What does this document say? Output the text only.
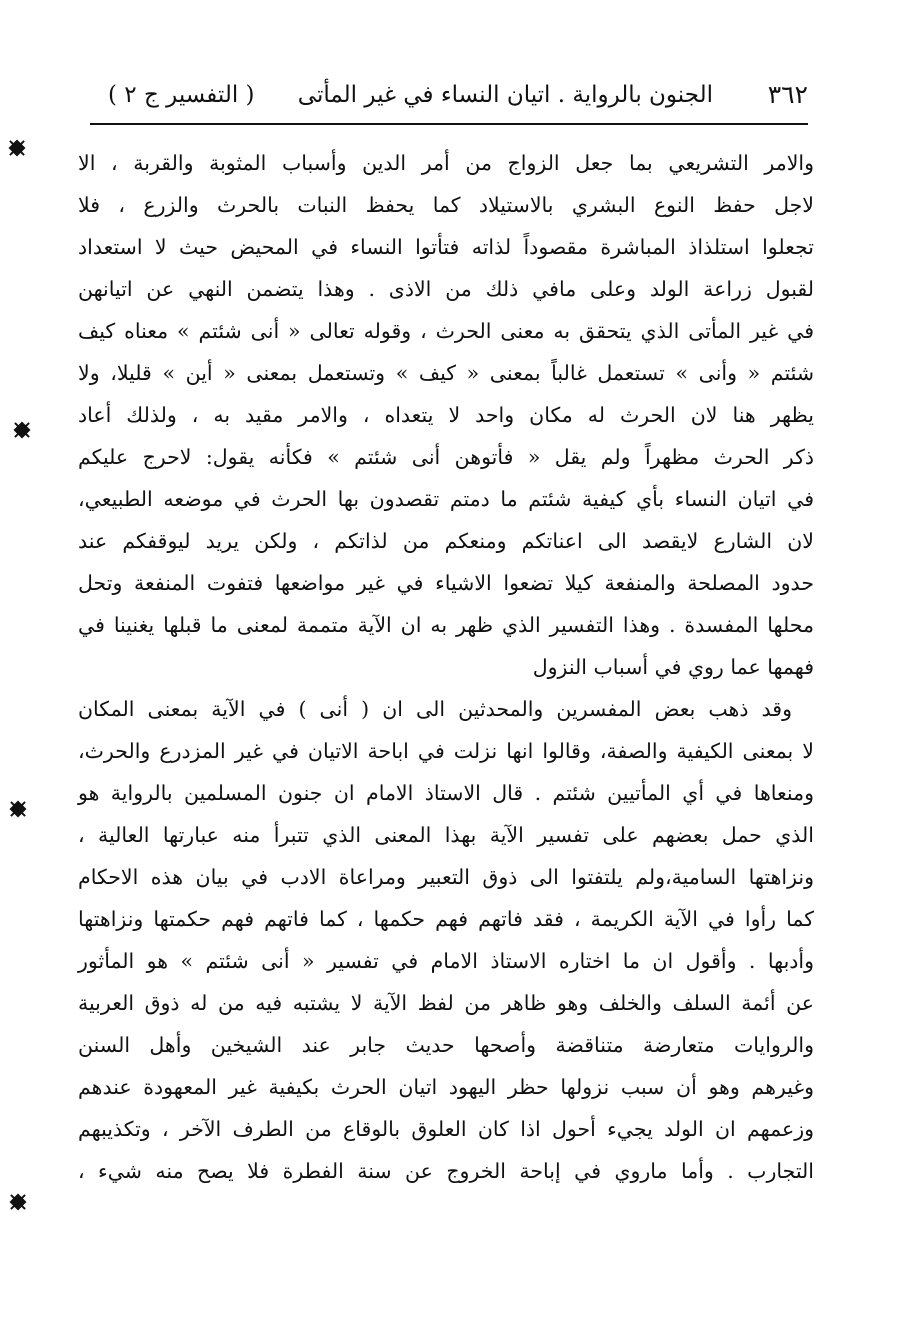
٣٦٢
الجنون بالرواية . اتيان النساء في غير المأتى
( التفسير ج ٢ )
والامر التشريعي بما جعل الزواج من أمر الدين وأسباب المثوبة والقربة ، الا
لاجل حفظ النوع البشري بالاستيلاد كما يحفظ النبات بالحرث والزرع ، فلا
تجعلوا استلذاذ المباشرة مقصوداً لذاته فتأتوا النساء في المحيض حيث لا استعداد
لقبول زراعة الولد وعلى مافي ذلك من الاذى . وهذا يتضمن النهي عن اتيانهن
في غير المأتى الذي يتحقق به معنى الحرث ، وقوله تعالى « أنى شئتم » معناه كيف
شئتم « وأنى » تستعمل غالباً بمعنى « كيف » وتستعمل بمعنى « أين » قليلا، ولا
يظهر هنا لان الحرث له مكان واحد لا يتعداه ، والامر مقيد به ، ولذلك أعاد
ذكر الحرث مظهراً ولم يقل « فأتوهن أنى شئتم » فكأنه يقول: لاحرج عليكم
في اتيان النساء بأي كيفية شئتم ما دمتم تقصدون بها الحرث في موضعه الطبيعي،
لان الشارع لايقصد الى اعناتكم ومنعكم من لذاتكم ، ولكن يريد ليوقفكم عند
حدود المصلحة والمنفعة كيلا تضعوا الاشياء في غير مواضعها فتفوت المنفعة وتحل
محلها المفسدة . وهذا التفسير الذي ظهر به ان الآية متممة لمعنى ما قبلها يغنينا في
فهمها عما روي في أسباب النزول
وقد ذهب بعض المفسرين والمحدثين الى ان ( أنى ) في الآية بمعنى المكان
لا بمعنى الكيفية والصفة، وقالوا انها نزلت في اباحة الاتيان في غير المزدرع والحرث،
ومنعاها في أي المأتيين شئتم . قال الاستاذ الامام ان جنون المسلمين بالرواية هو
الذي حمل بعضهم على تفسير الآية بهذا المعنى الذي تتبرأ منه عبارتها العالية ،
ونزاهتها السامية،ولم يلتفتوا الى ذوق التعبير ومراعاة الادب في بيان هذه الاحكام
كما رأوا في الآية الكريمة ، فقد فاتهم فهم حكمها ، كما فاتهم فهم حكمتها ونزاهتها
وأدبها . وأقول ان ما اختاره الاستاذ الامام في تفسير « أنى شئتم » هو المأثور
عن أئمة السلف والخلف وهو ظاهر من لفظ الآية لا يشتبه فيه من له ذوق العربية
والروايات متعارضة متناقضة وأصحها حديث جابر عند الشيخين وأهل السنن
وغيرهم وهو أن سبب نزولها حظر اليهود اتيان الحرث بكيفية غير المعهودة عندهم
وزعمهم ان الولد يجيء أحول اذا كان العلوق بالوقاع من الطرف الآخر ، وتكذيبهم
التجارب . وأما ماروي في إباحة الخروج عن سنة الفطرة فلا يصح منه شيء ،
